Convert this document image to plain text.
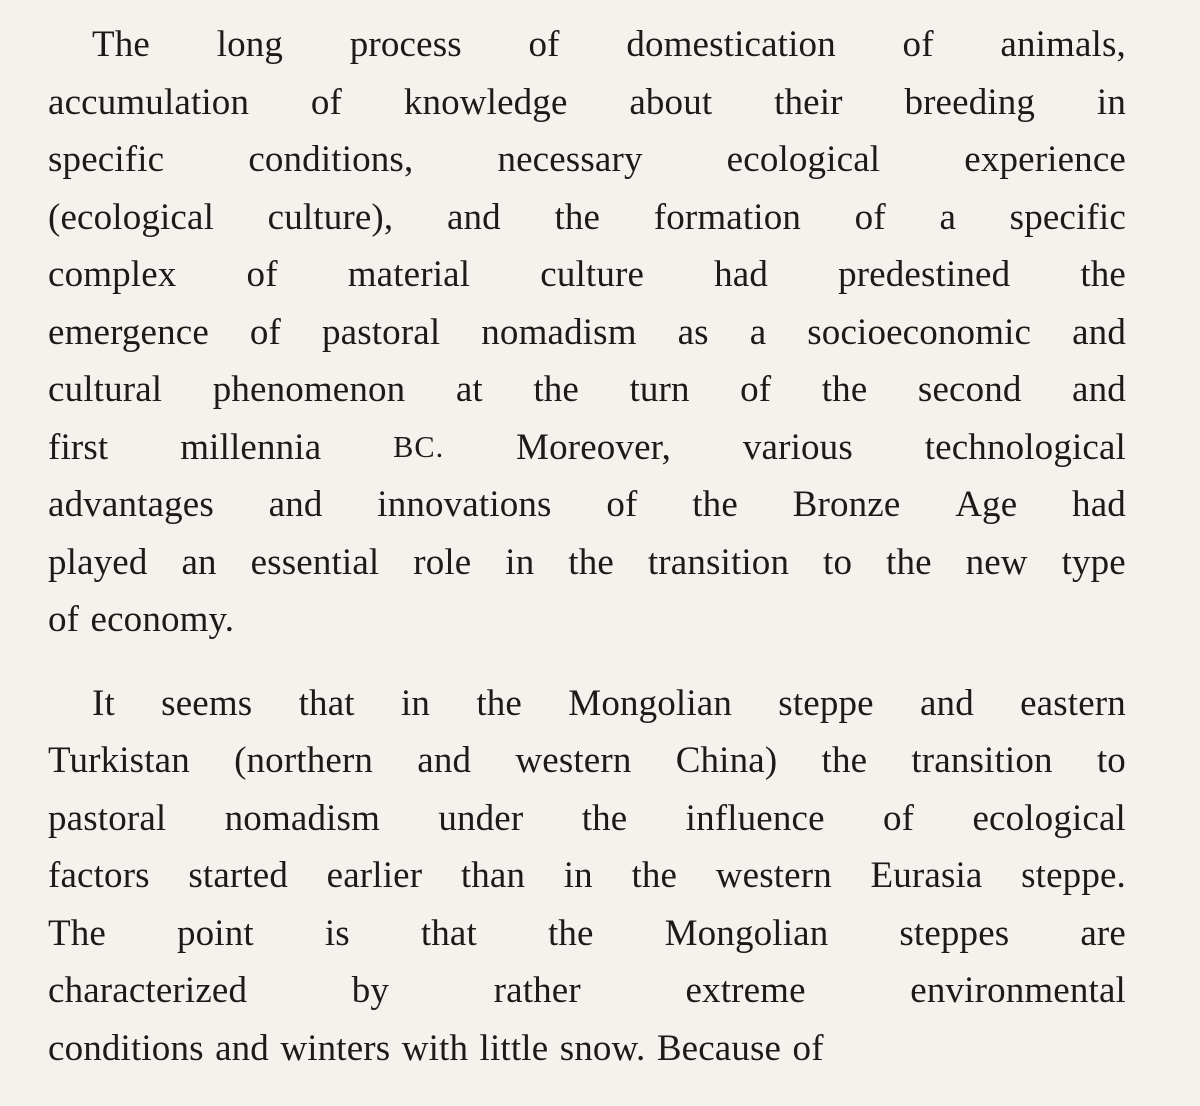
The long process of domestication of animals,
accumulation of knowledge about their breeding in
specific conditions, necessary ecological experience
(ecological culture), and the formation of a specific
complex of material culture had predestined the
emergence of pastoral nomadism as a socioeconomic and
cultural phenomenon at the turn of the second and
first millennia BC. Moreover, various technological
advantages and innovations of the Bronze Age had
played an essential role in the transition to the new type
of economy.
It seems that in the Mongolian steppe and eastern
Turkistan (northern and western China) the transition to
pastoral nomadism under the influence of ecological
factors started earlier than in the western Eurasia steppe.
The point is that the Mongolian steppes are
characterized	by	rather	extreme	environmental
conditions and winters with little snow. Because of
